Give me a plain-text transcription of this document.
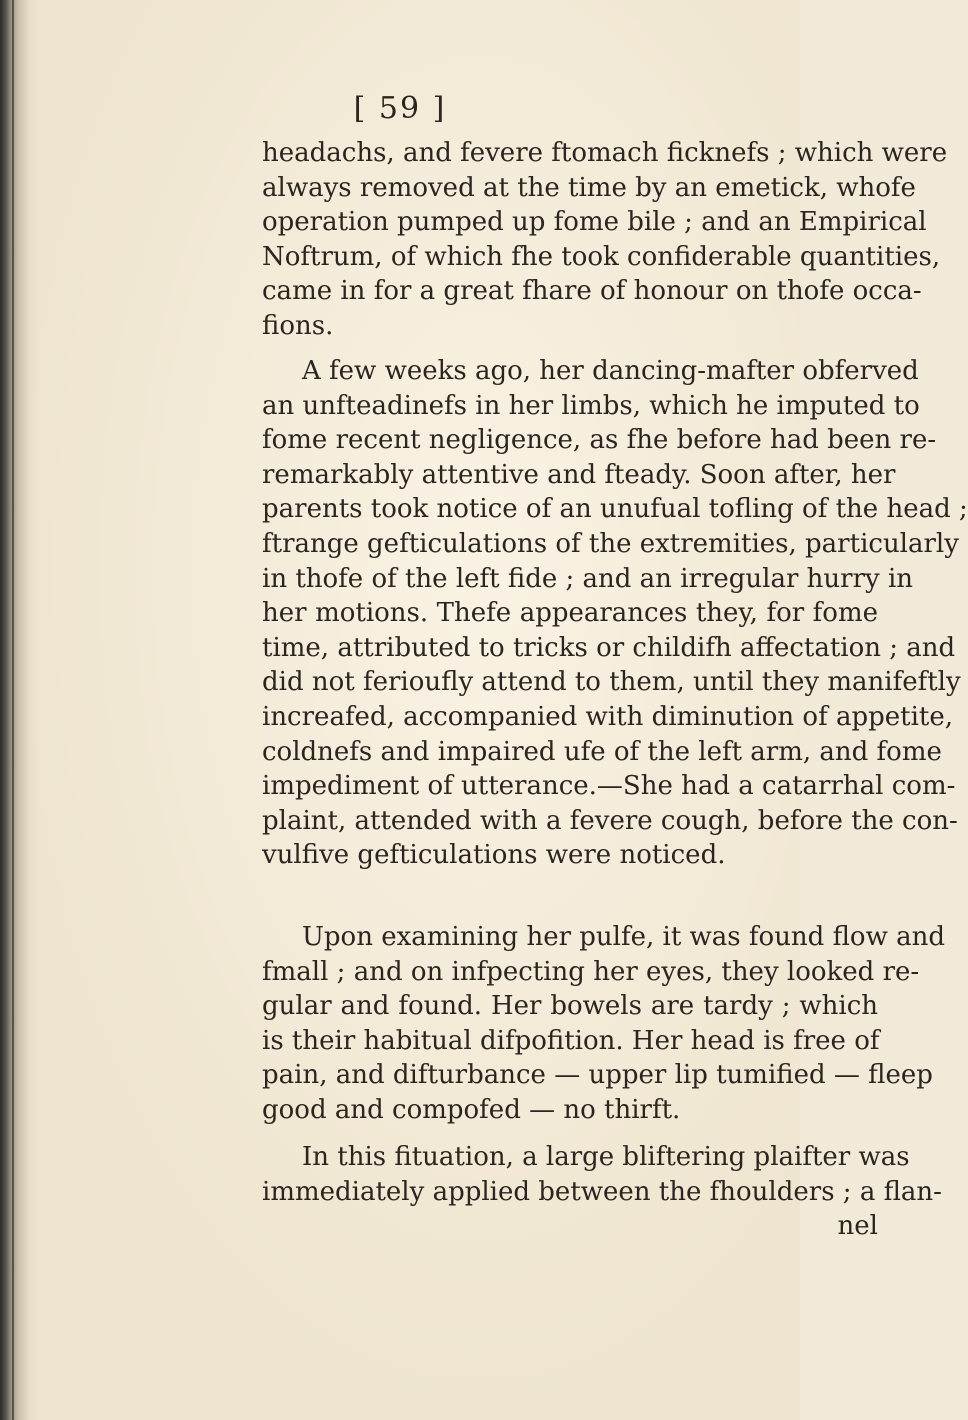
[ 59 ]
headachs, and fevere ftomach ficknefs ; which were
always removed at the time by an emetick, whofe
operation pumped up fome bile ; and an Empirical
Noftrum, of which fhe took confiderable quantities,
came in for a great fhare of honour on thofe occa-
fions.
A few weeks ago, her dancing-mafter obferved
an unfteadinefs in her limbs, which he imputed to
fome recent negligence, as fhe before had been re-
remarkably attentive and fteady. Soon after, her
parents took notice of an unufual tofling of the head ;
ftrange gefticulations of the extremities, particularly
in thofe of the left fide ; and an irregular hurry in
her motions. Thefe appearances they, for fome
time, attributed to tricks or childifh affectation ; and
did not ferioufly attend to them, until they manifeftly
increafed, accompanied with diminution of appetite,
coldnefs and impaired ufe of the left arm, and fome
impediment of utterance.—She had a catarrhal com-
plaint, attended with a fevere cough, before the con-
vulfive gefticulations were noticed.
Upon examining her pulfe, it was found flow and
fmall ; and on infpecting her eyes, they looked re-
gular and found. Her bowels are tardy ; which
is their habitual difpofition. Her head is free of
pain, and difturbance — upper lip tumified — fleep
good and compofed — no thirft.
In this fituation, a large bliftering plaifter was
immediately applied between the fhoulders ; a flan-
nel
